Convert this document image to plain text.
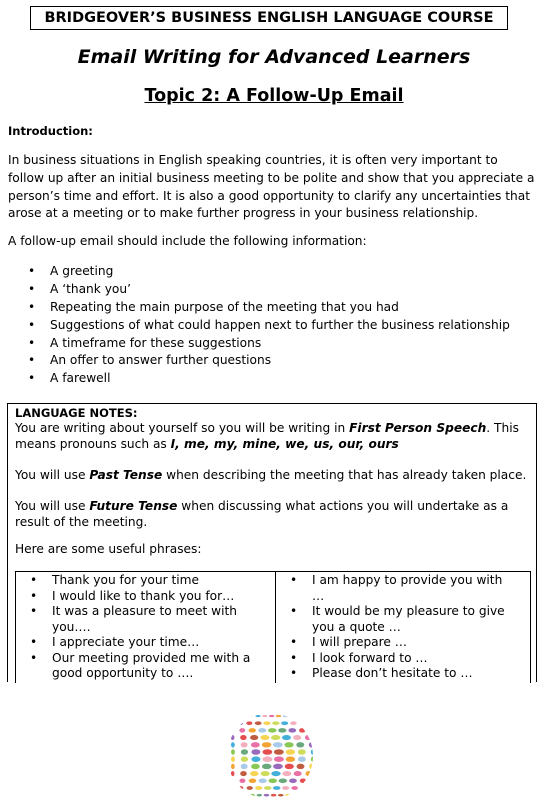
BRIDGEOVER’S BUSINESS ENGLISH LANGUAGE COURSE
Email Writing for Advanced Learners
Topic 2: A Follow-Up Email
Introduction:
In business situations in English speaking countries, it is often very important to follow up after an initial business meeting to be polite and show that you appreciate a person’s time and effort. It is also a good opportunity to clarify any uncertainties that arose at a meeting or to make further progress in your business relationship.
A follow-up email should include the following information:
• A greeting
• A ‘thank you’
• Repeating the main purpose of the meeting that you had
• Suggestions of what could happen next to further the business relationship
• A timeframe for these suggestions
• An offer to answer further questions
• A farewell
LANGUAGE NOTES:
You are writing about yourself so you will be writing in First Person Speech. This means pronouns such as I, me, my, mine, we, us, our, ours
You will use Past Tense when describing the meeting that has already taken place.
You will use Future Tense when discussing what actions you will undertake as a result of the meeting.
Here are some useful phrases:
• Thank you for your time
• I would like to thank you for…
• It was a pleasure to meet with you….
• I appreciate your time…
• Our meeting provided me with a good opportunity to ….
• I am happy to provide you with …
• It would be my pleasure to give you a quote …
• I will prepare …
• I look forward to …
• Please don’t hesitate to …
